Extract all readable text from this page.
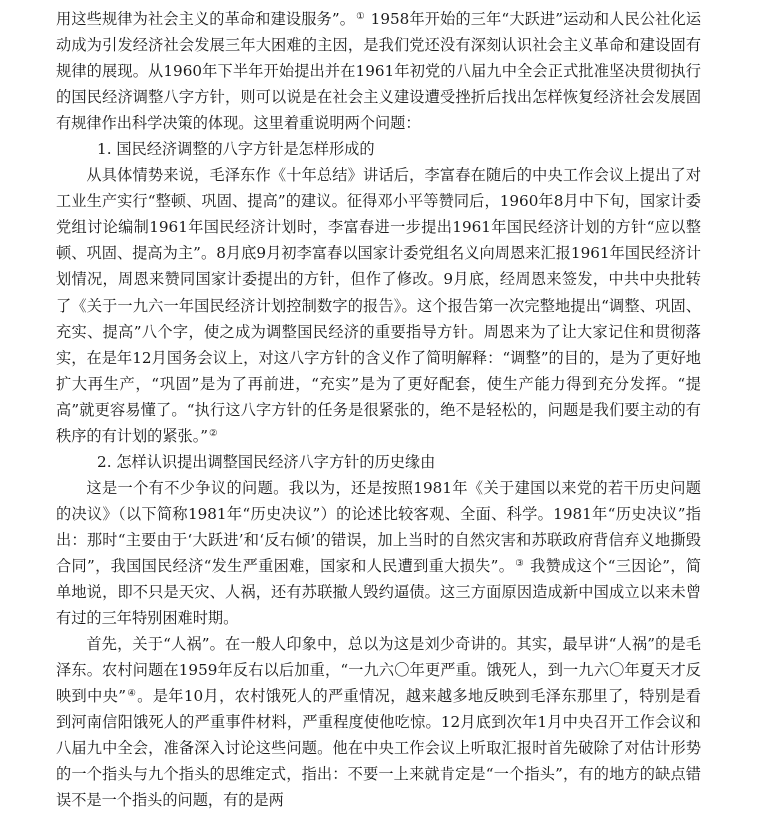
用这些规律为社会主义的革命和建设服务”。① 1958年开始的三年“大跃进”运动和人民公社化运动成为引发经济社会发展三年大困难的主因，是我们党还没有深刻认识社会主义革命和建设固有规律的展现。从1960年下半年开始提出并在1961年初党的八届九中全会正式批准坚决贯彻执行的国民经济调整八字方针，则可以说是在社会主义建设遭受挫折后找出怎样恢复经济社会发展固有规律作出科学决策的体现。这里着重说明两个问题：

1. 国民经济调整的八字方针是怎样形成的

从具体情势来说，毛泽东作《十年总结》讲话后，李富春在随后的中央工作会议上提出了对工业生产实行“整顿、巩固、提高”的建议。征得邓小平等赞同后，1960年8月中下旬，国家计委党组讨论编制1961年国民经济计划时，李富春进一步提出1961年国民经济计划的方针“应以整顿、巩固、提高为主”。8月底9月初李富春以国家计委党组名义向周恩来汇报1961年国民经济计划情况，周恩来赞同国家计委提出的方针，但作了修改。9月底，经周恩来签发，中共中央批转了《关于一九六一年国民经济计划控制数字的报告》。这个报告第一次完整地提出“调整、巩固、充实、提高”八个字，使之成为调整国民经济的重要指导方针。周恩来为了让大家记住和贯彻落实，在是年12月国务会议上，对这八字方针的含义作了简明解释：“调整”的目的，是为了更好地扩大再生产，“巩固”是为了再前进，“充实”是为了更好配套，使生产能力得到充分发挥。“提高”就更容易懂了。“执行这八字方针的任务是很紧张的，绝不是轻松的，问题是我们要主动的有秩序的有计划的紧张。”②

2. 怎样认识提出调整国民经济八字方针的历史缘由

这是一个有不少争议的问题。我以为，还是按照1981年《关于建国以来党的若干历史问题的决议》（以下简称1981年“历史决议”）的论述比较客观、全面、科学。1981年“历史决议”指出：那时“主要由于‘大跃进’和‘反右倾’的错误，加上当时的自然灾害和苏联政府背信弃义地撕毁合同”，我国国民经济“发生严重困难，国家和人民遭到重大损失”。③ 我赞成这个“三因论”，简单地说，即不只是天灾、人祸，还有苏联撤人毁约逼债。这三方面原因造成新中国成立以来未曾有过的三年特别困难时期。

首先，关于“人祸”。在一般人印象中，总以为这是刘少奇讲的。其实，最早讲“人祸”的是毛泽东。农村问题在1959年反右以后加重，“一九六〇年更严重。饿死人，到一九六〇年夏天才反映到中央”④。是年10月，农村饿死人的严重情况，越来越多地反映到毛泽东那里了，特别是看到河南信阳饿死人的严重事件材料，严重程度使他吃惊。12月底到次年1月中央召开工作会议和八届九中全会，准备深入讨论这些问题。他在中央工作会议上听取汇报时首先破除了对估计形势的一个指头与九个指头的思维定式，指出：不要一上来就肯定是“一个指头”，有的地方的缺点错误不是一个指头的问题，有的是两
